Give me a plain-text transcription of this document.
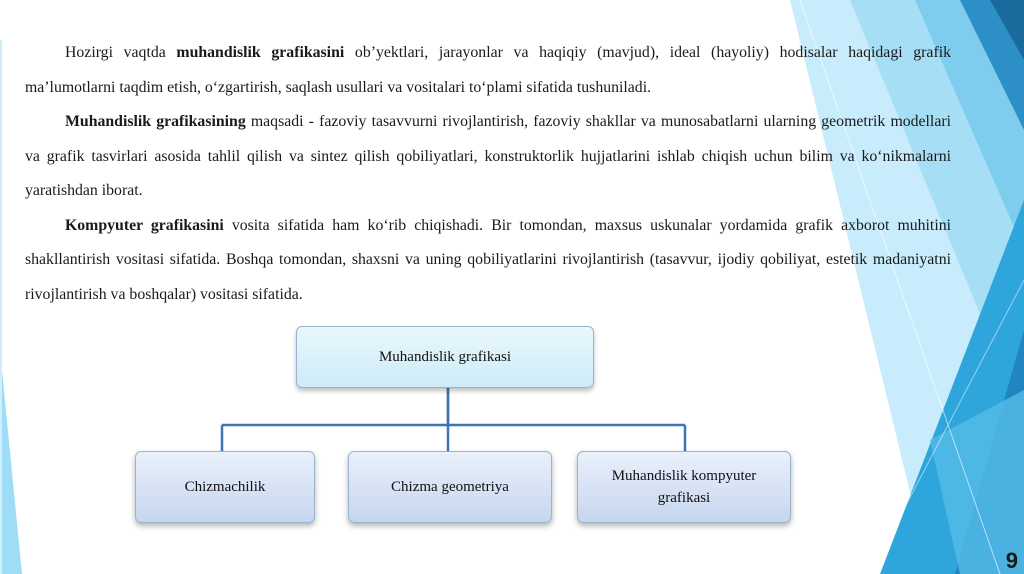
Hozirgi vaqtda muhandislik grafikasini ob’yektlari, jarayonlar va haqiqiy (mavjud), ideal (hayoliy) hodisalar haqidagi grafik ma’lumotlarni taqdim etish, o‘zgartirish, saqlash usullari va vositalari to‘plami sifatida tushuniladi.

Muhandislik grafikasining maqsadi - fazoviy tasavvurni rivojlantirish, fazoviy shakllar va munosabatlarni ularning geometrik modellari va grafik tasvirlari asosida tahlil qilish va sintez qilish qobiliyatlari, konstruktorlik hujjatlarini ishlab chiqish uchun bilim va ko‘nikmalarni yaratishdan iborat.

Kompyuter grafikasini vosita sifatida ham ko‘rib chiqishadi. Bir tomondan, maxsus uskunalar yordamida grafik axborot muhitini shakllantirish vositasi sifatida. Boshqa tomondan, shaxsni va uning qobiliyatlarini rivojlantirish (tasavvur, ijodiy qobiliyat, estetik madaniyatni rivojlantirish va boshqalar) vositasi sifatida.

Muhandislik grafikasi
Chizmachilik	Chizma geometriya
Muhandislik kompyuter grafikasi
9
